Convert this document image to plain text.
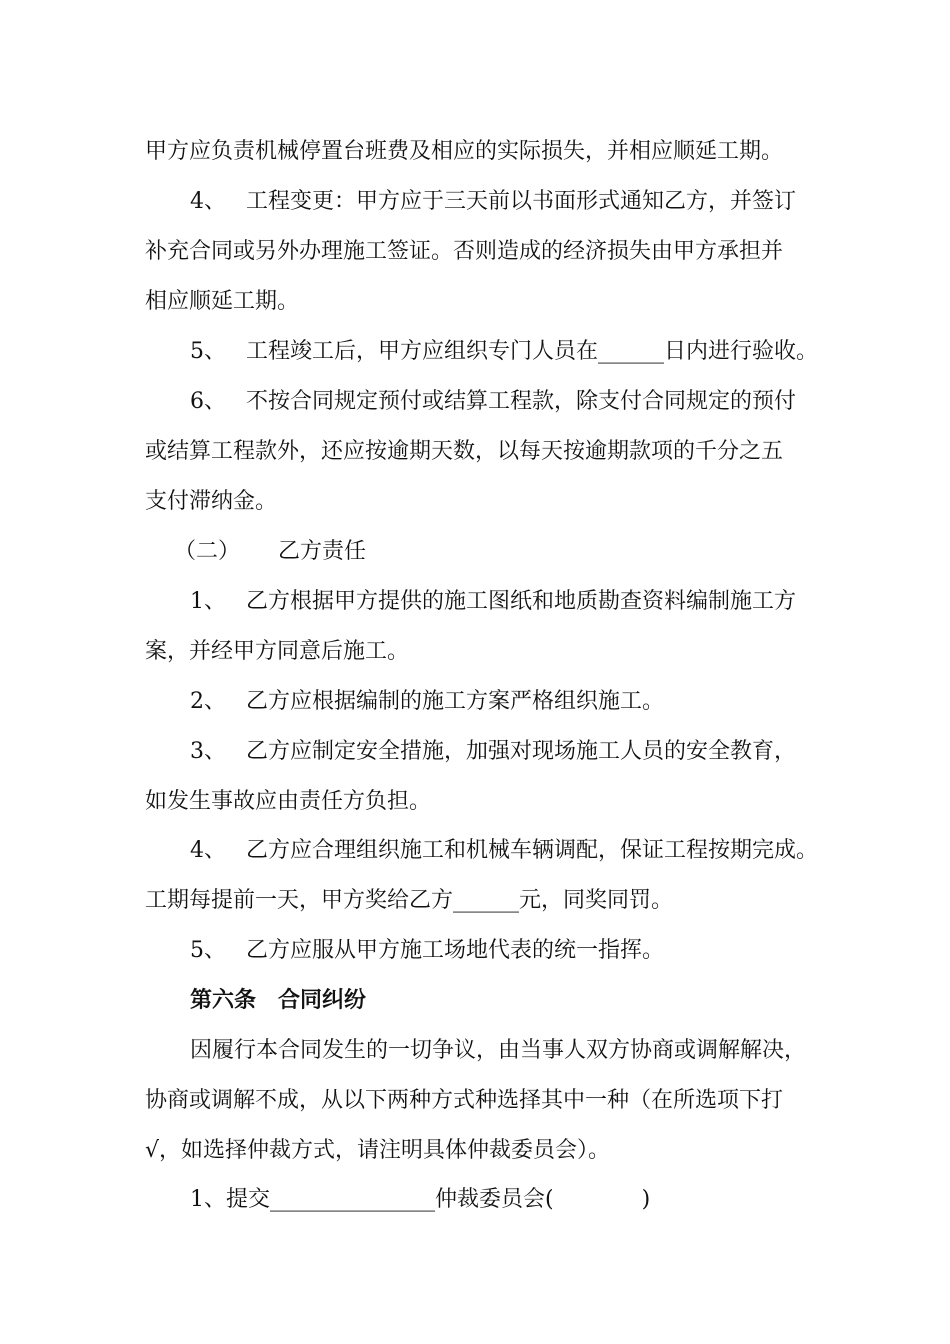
甲方应负责机械停置台班费及相应的实际损失，并相应顺延工期。
4、 工程变更：甲方应于三天前以书面形式通知乙方，并签订
补充合同或另外办理施工签证。否则造成的经济损失由甲方承担并
相应顺延工期。
5、 工程竣工后，甲方应组织专门人员在______日内进行验收。
6、 不按合同规定预付或结算工程款，除支付合同规定的预付
或结算工程款外，还应按逾期天数，以每天按逾期款项的千分之五
支付滞纳金。
（二） 乙方责任
1、 乙方根据甲方提供的施工图纸和地质勘查资料编制施工方
案，并经甲方同意后施工。
2、 乙方应根据编制的施工方案严格组织施工。
3、 乙方应制定安全措施，加强对现场施工人员的安全教育，
如发生事故应由责任方负担。
4、 乙方应合理组织施工和机械车辆调配，保证工程按期完成。
工期每提前一天，甲方奖给乙方______元，同奖同罚。
5、 乙方应服从甲方施工场地代表的统一指挥。
第六条　合同纠纷
因履行本合同发生的一切争议，由当事人双方协商或调解解决，
协商或调解不成，从以下两种方式种选择其中一种（在所选项下打
√，如选择仲裁方式，请注明具体仲裁委员会）。
1、提交_______________仲裁委员会(　　　　)
